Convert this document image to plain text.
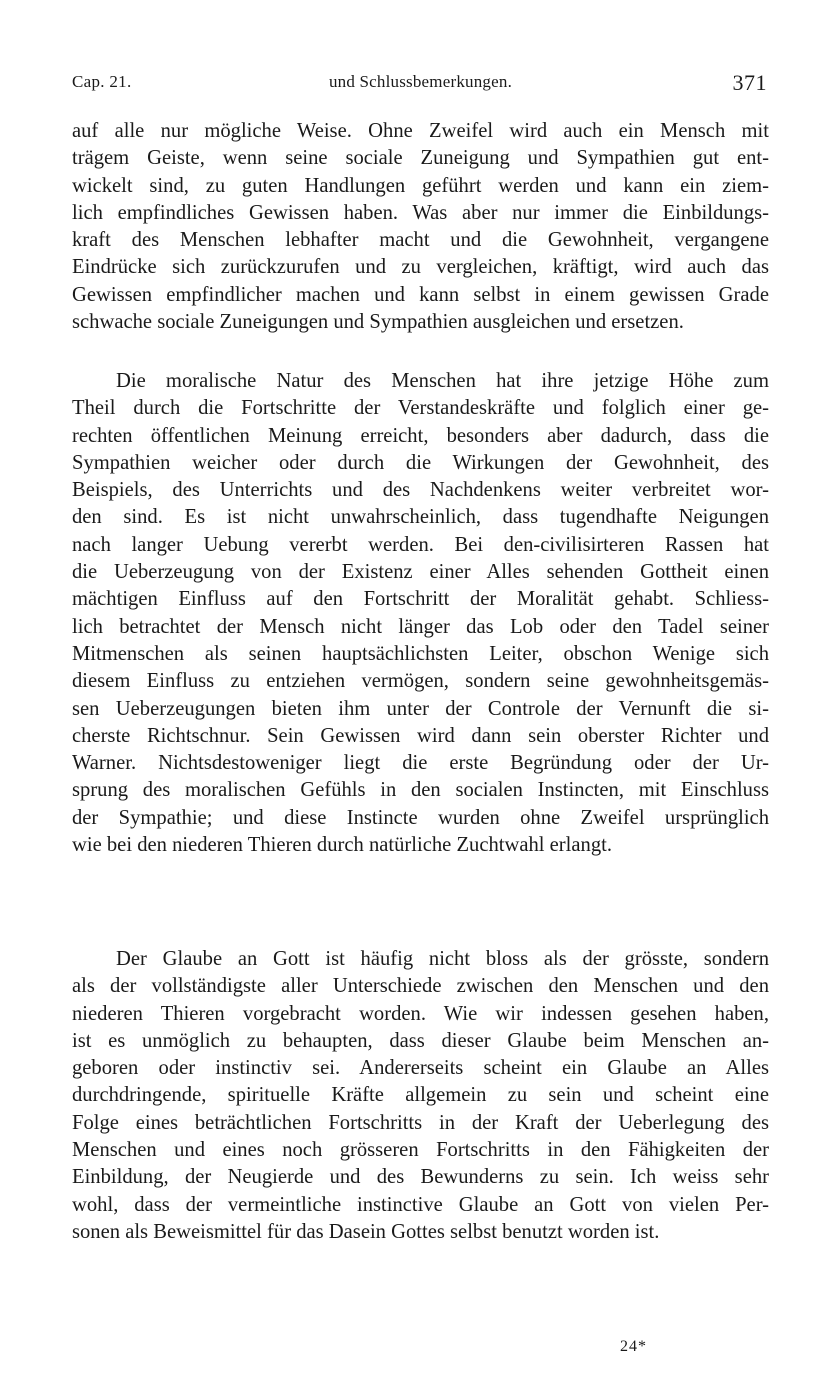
Cap. 21.	und Schlussbemerkungen.	371
auf alle nur mögliche Weise. Ohne Zweifel wird auch ein Mensch mit
trägem Geiste, wenn seine sociale Zuneigung und Sympathien gut ent-
wickelt sind, zu guten Handlungen geführt werden und kann ein ziem-
lich empfindliches Gewissen haben. Was aber nur immer die Einbildungs-
kraft des Menschen lebhafter macht und die Gewohnheit, vergangene
Eindrücke sich zurückzurufen und zu vergleichen, kräftigt, wird auch das
Gewissen empfindlicher machen und kann selbst in einem gewissen Grade
schwache sociale Zuneigungen und Sympathien ausgleichen und ersetzen.
Die moralische Natur des Menschen hat ihre jetzige Höhe zum
Theil durch die Fortschritte der Verstandeskräfte und folglich einer ge-
rechten öffentlichen Meinung erreicht, besonders aber dadurch, dass die
Sympathien weicher oder durch die Wirkungen der Gewohnheit, des
Beispiels, des Unterrichts und des Nachdenkens weiter verbreitet wor-
den sind. Es ist nicht unwahrscheinlich, dass tugendhafte Neigungen
nach langer Uebung vererbt werden. Bei den-civilisirteren Rassen hat
die Ueberzeugung von der Existenz einer Alles sehenden Gottheit einen
mächtigen Einfluss auf den Fortschritt der Moralität gehabt. Schliess-
lich betrachtet der Mensch nicht länger das Lob oder den Tadel seiner
Mitmenschen als seinen hauptsächlichsten Leiter, obschon Wenige sich
diesem Einfluss zu entziehen vermögen, sondern seine gewohnheitsgemäs-
sen Ueberzeugungen bieten ihm unter der Controle der Vernunft die si-
cherste Richtschnur. Sein Gewissen wird dann sein oberster Richter und
Warner. Nichtsdestoweniger liegt die erste Begründung oder der Ur-
sprung des moralischen Gefühls in den socialen Instincten, mit Einschluss
der Sympathie; und diese Instincte wurden ohne Zweifel ursprünglich
wie bei den niederen Thieren durch natürliche Zuchtwahl erlangt.
Der Glaube an Gott ist häufig nicht bloss als der grösste, sondern
als der vollständigste aller Unterschiede zwischen den Menschen und den
niederen Thieren vorgebracht worden. Wie wir indessen gesehen haben,
ist es unmöglich zu behaupten, dass dieser Glaube beim Menschen an-
geboren oder instinctiv sei. Andererseits scheint ein Glaube an Alles
durchdringende, spirituelle Kräfte allgemein zu sein und scheint eine
Folge eines beträchtlichen Fortschritts in der Kraft der Ueberlegung des
Menschen und eines noch grösseren Fortschritts in den Fähigkeiten der
Einbildung, der Neugierde und des Bewunderns zu sein. Ich weiss sehr
wohl, dass der vermeintliche instinctive Glaube an Gott von vielen Per-
sonen als Beweismittel für das Dasein Gottes selbst benutzt worden ist.
24*
